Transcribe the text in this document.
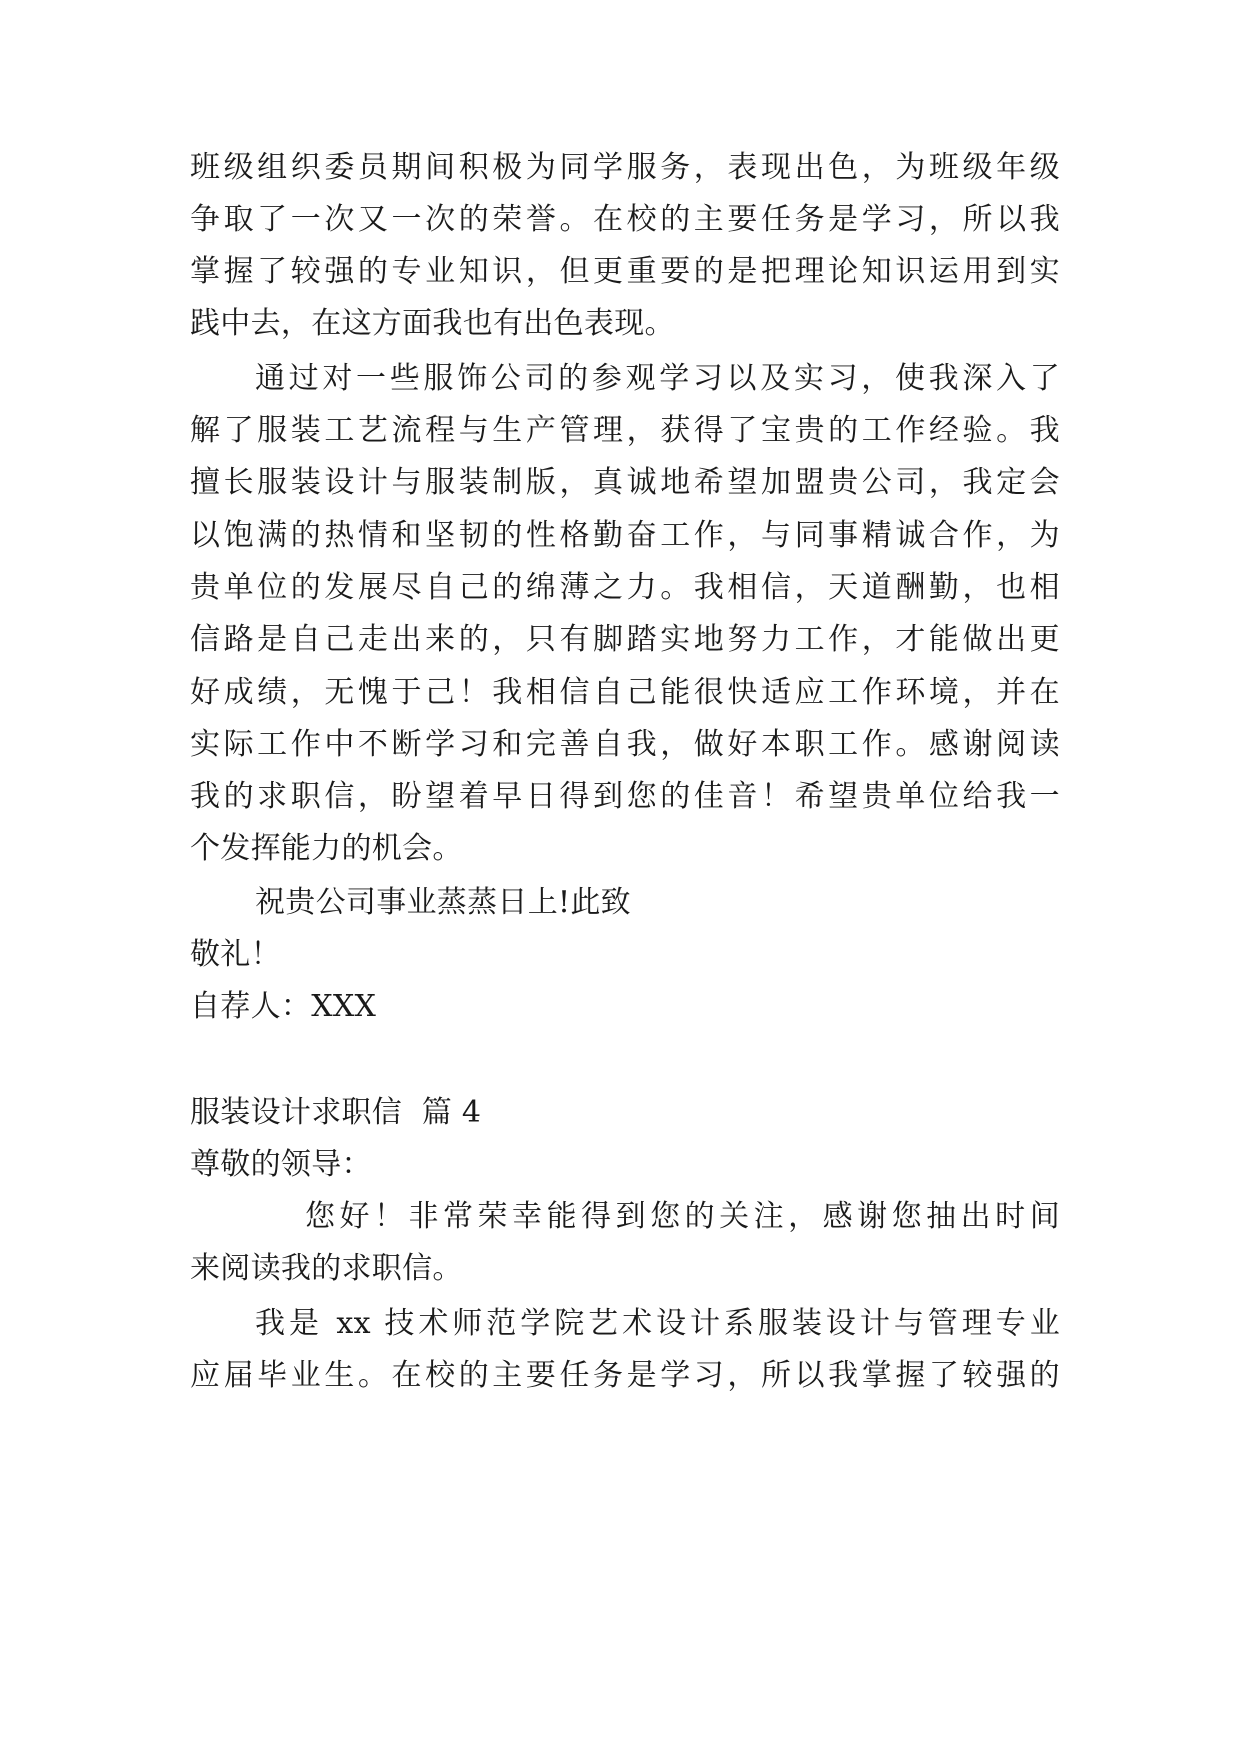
班级组织委员期间积极为同学服务，表现出色，为班级年级
争取了一次又一次的荣誉。在校的主要任务是学习，所以我
掌握了较强的专业知识，但更重要的是把理论知识运用到实
践中去，在这方面我也有出色表现。
通过对一些服饰公司的参观学习以及实习，使我深入了
解了服装工艺流程与生产管理，获得了宝贵的工作经验。我
擅长服装设计与服装制版，真诚地希望加盟贵公司，我定会
以饱满的热情和坚韧的性格勤奋工作，与同事精诚合作，为
贵单位的发展尽自己的绵薄之力。我相信，天道酬勤，也相
信路是自己走出来的，只有脚踏实地努力工作，才能做出更
好成绩，无愧于己！我相信自己能很快适应工作环境，并在
实际工作中不断学习和完善自我，做好本职工作。感谢阅读
我的求职信，盼望着早日得到您的佳音！希望贵单位给我一
个发挥能力的机会。
祝贵公司事业蒸蒸日上!此致
敬礼！
自荐人：XXX
服装设计求职信  篇 4
尊敬的领导：
您好！非常荣幸能得到您的关注，感谢您抽出时间
来阅读我的求职信。
我是 xx 技术师范学院艺术设计系服装设计与管理专业
应届毕业生。在校的主要任务是学习，所以我掌握了较强的
